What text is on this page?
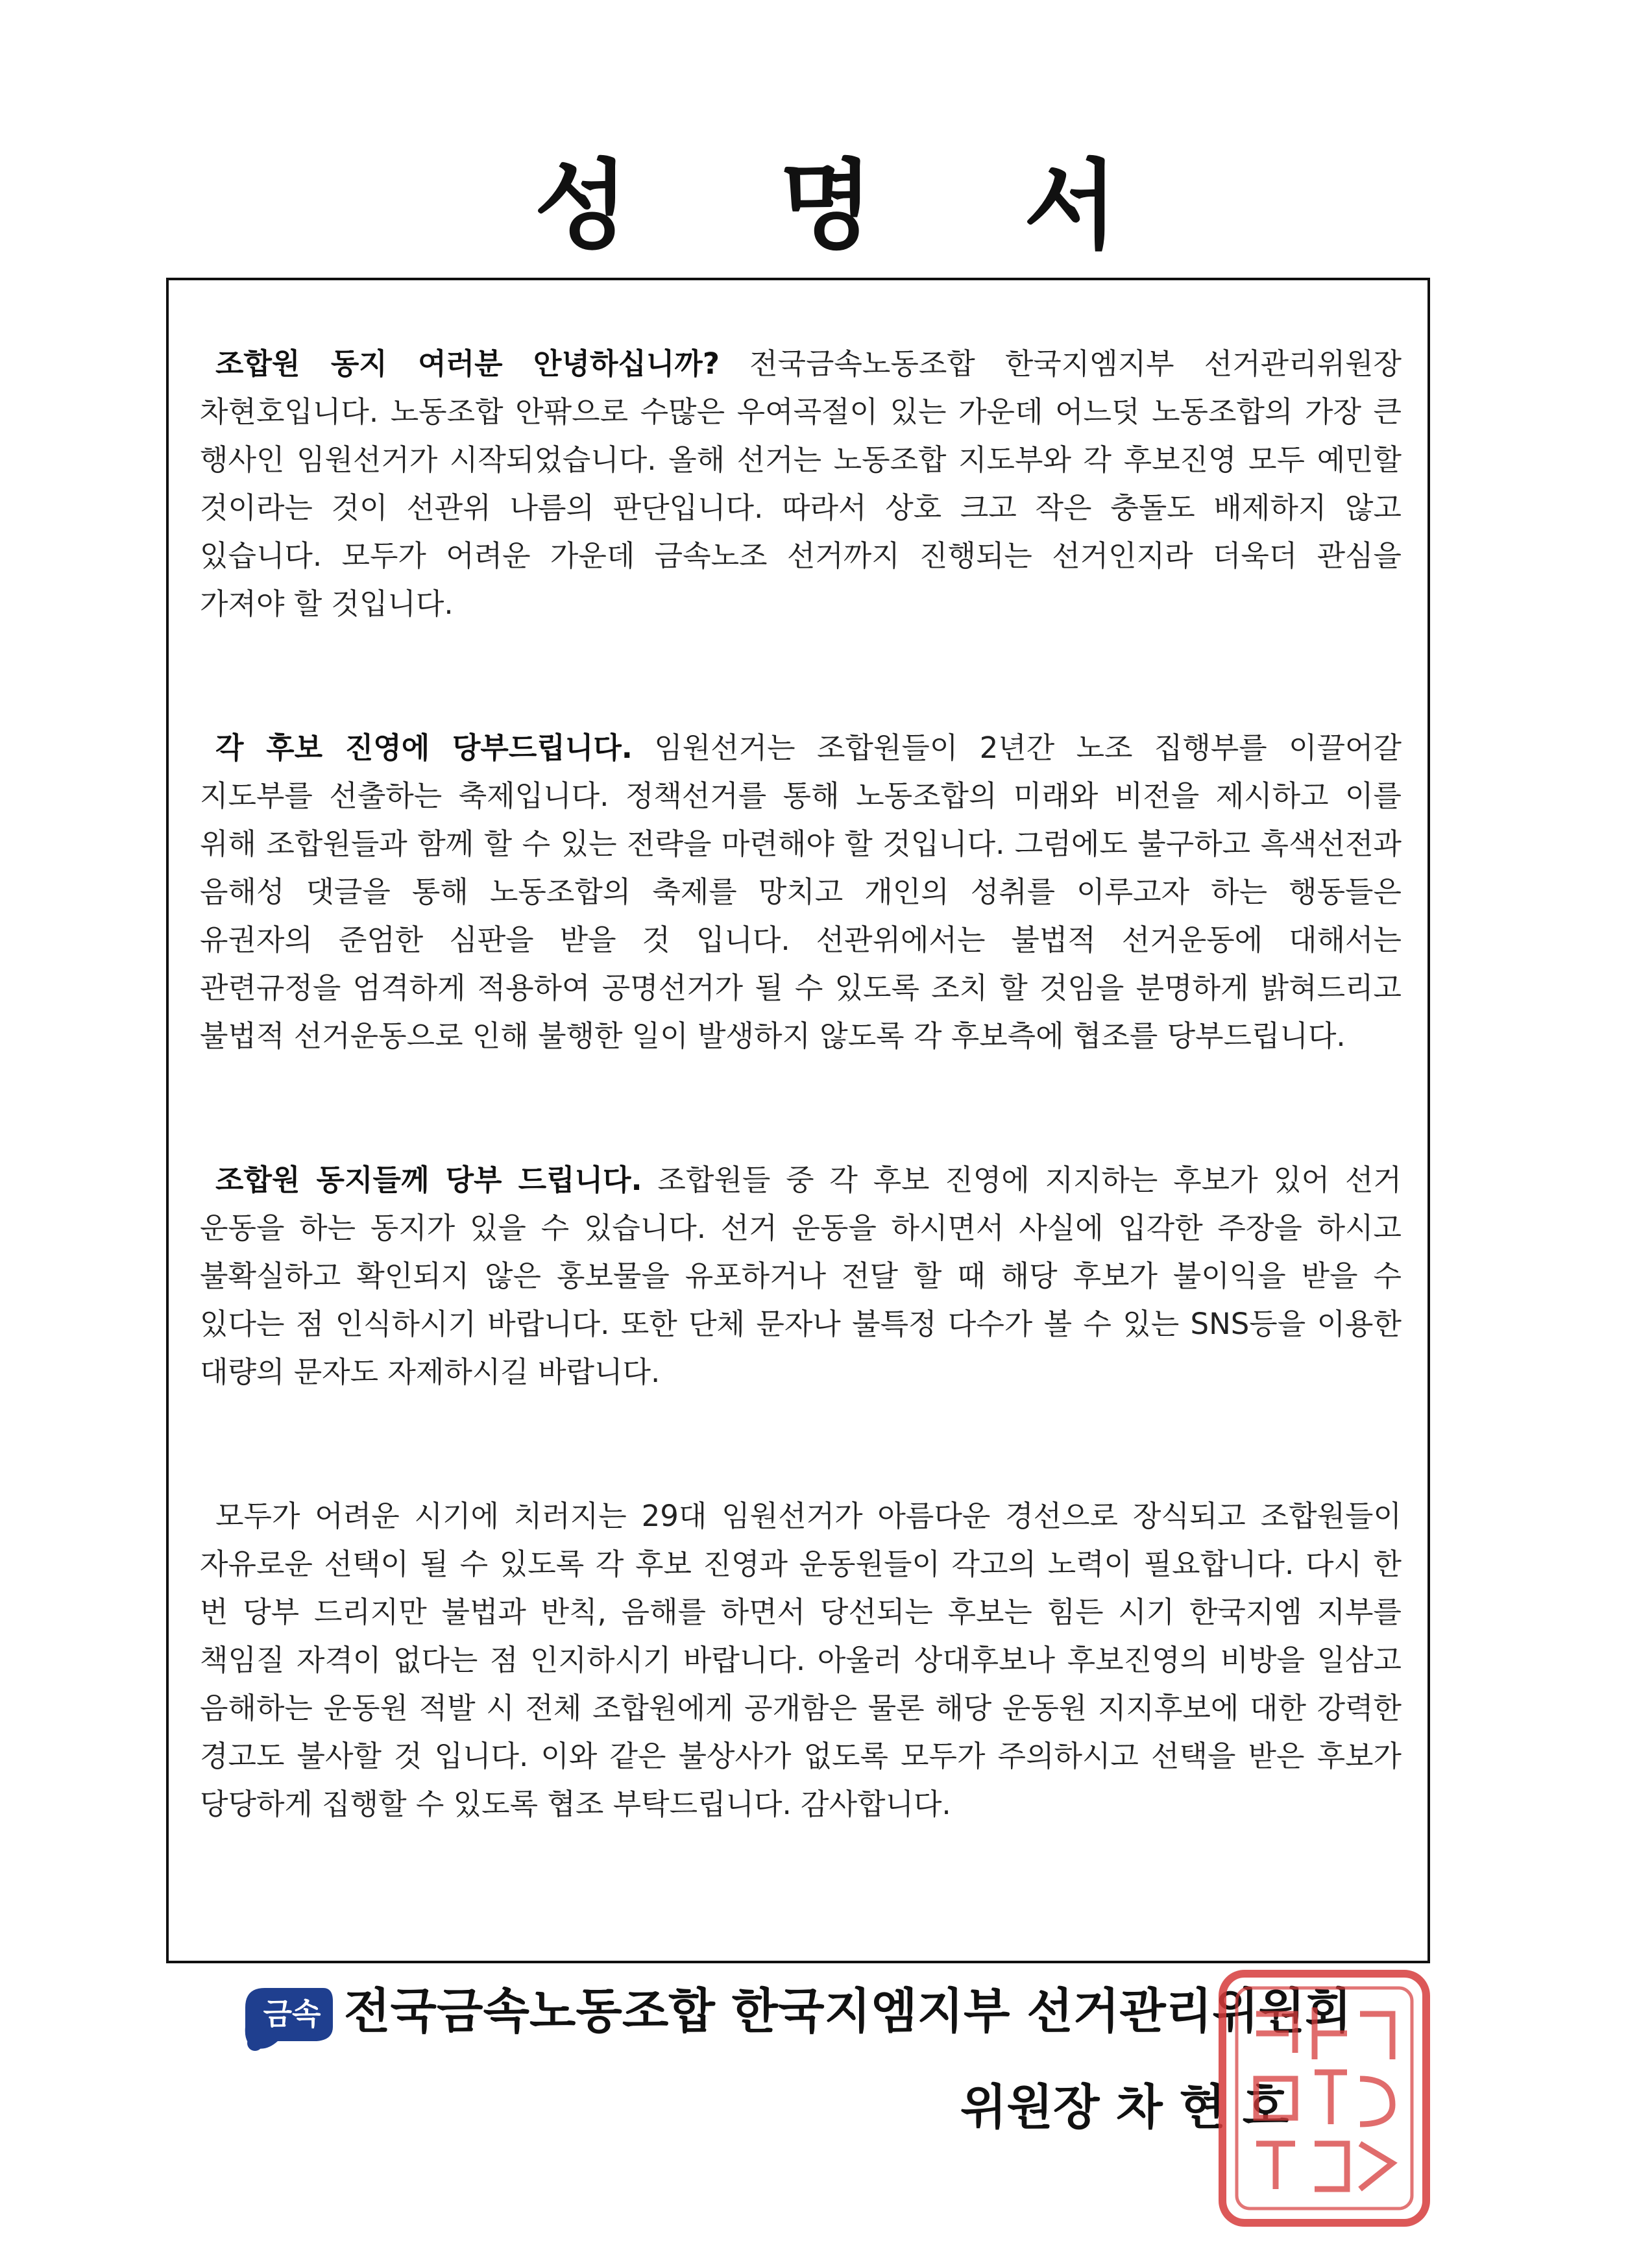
성 명 서

조합원 동지 여러분 안녕하십니까? 전국금속노동조합 한국지엠지부 선거관리위원장 차현호입니다. 노동조합 안팎으로 수많은 우여곡절이 있는 가운데 어느덧 노동조합의 가장 큰 행사인 임원선거가 시작되었습니다. 올해 선거는 노동조합 지도부와 각 후보진영 모두 예민할 것이라는 것이 선관위 나름의 판단입니다. 따라서 상호 크고 작은 충돌도 배제하지 않고 있습니다. 모두가 어려운 가운데 금속노조 선거까지 진행되는 선거인지라 더욱더 관심을 가져야 할 것입니다.

각 후보 진영에 당부드립니다. 임원선거는 조합원들이 2년간 노조 집행부를 이끌어갈 지도부를 선출하는 축제입니다. 정책선거를 통해 노동조합의 미래와 비전을 제시하고 이를 위해 조합원들과 함께 할 수 있는 전략을 마련해야 할 것입니다. 그럼에도 불구하고 흑색선전과 음해성 댓글을 통해 노동조합의 축제를 망치고 개인의 성취를 이루고자 하는 행동들은 유권자의 준엄한 심판을 받을 것 입니다. 선관위에서는 불법적 선거운동에 대해서는 관련규정을 엄격하게 적용하여 공명선거가 될 수 있도록 조치 할 것임을 분명하게 밝혀드리고 불법적 선거운동으로 인해 불행한 일이 발생하지 않도록 각 후보측에 협조를 당부드립니다.

조합원 동지들께 당부 드립니다. 조합원들 중 각 후보 진영에 지지하는 후보가 있어 선거 운동을 하는 동지가 있을 수 있습니다. 선거 운동을 하시면서 사실에 입각한 주장을 하시고 불확실하고 확인되지 않은 홍보물을 유포하거나 전달 할 때 해당 후보가 불이익을 받을 수 있다는 점 인식하시기 바랍니다. 또한 단체 문자나 불특정 다수가 볼 수 있는 SNS등을 이용한 대량의 문자도 자제하시길 바랍니다.

모두가 어려운 시기에 치러지는 29대 임원선거가 아름다운 경선으로 장식되고 조합원들이 자유로운 선택이 될 수 있도록 각 후보 진영과 운동원들이 각고의 노력이 필요합니다. 다시 한 번 당부 드리지만 불법과 반칙, 음해를 하면서 당선되는 후보는 힘든 시기 한국지엠 지부를 책임질 자격이 없다는 점 인지하시기 바랍니다. 아울러 상대후보나 후보진영의 비방을 일삼고 음해하는 운동원 적발 시 전체 조합원에게 공개함은 물론 해당 운동원 지지후보에 대한 강력한 경고도 불사할 것 입니다. 이와 같은 불상사가 없도록 모두가 주의하시고 선택을 받은 후보가 당당하게 집행할 수 있도록 협조 부탁드립니다. 감사합니다.

금속 전국금속노동조합 한국지엠지부 선거관리위원회
위원장 차 현 호
